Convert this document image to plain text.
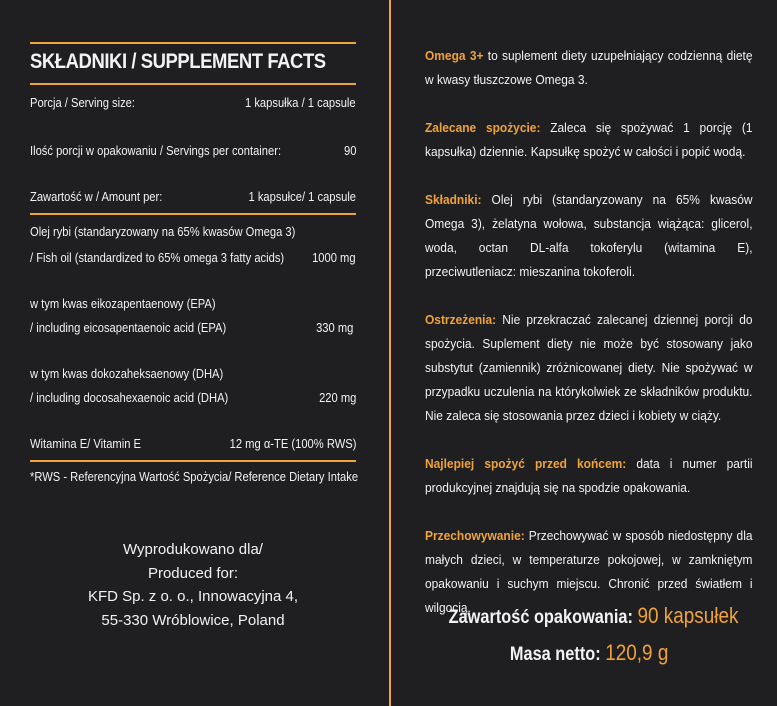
SKŁADNIKI / SUPPLEMENT FACTS
Porcja / Serving size:	1 kapsułka / 1 capsule
Ilość porcji w opakowaniu / Servings per container:	90
Zawartość w / Amount per:	1 kapsułce/ 1 capsule
Olej rybi (standaryzowany na 65% kwasów Omega 3)
/ Fish oil (standardized to 65% omega 3 fatty acids) 1000 mg
w tym kwas eikozapentaenowy (EPA)
/ including eicosapentaenoic acid (EPA)	330 mg
w tym kwas dokozaheksaenowy (DHA)
/ including docosahexaenoic acid (DHA)	220 mg
Witamina E/ Vitamin E	12 mg α-TE (100% RWS)
*RWS - Referencyjna Wartość Spożycia/ Reference Dietary Intake
Wyprodukowano dla/
Produced for:
KFD Sp. z o. o., Innowacyjna 4,
55-330 Wróblowice, Poland
Omega 3+ to suplement diety uzupełniający codzienną dietę w kwasy tłuszczowe Omega 3.
Zalecane spożycie: Zaleca się spożywać 1 porcję (1 kapsułka) dziennie. Kapsułkę spożyć w całości i popić wodą.
Składniki: Olej rybi (standaryzowany na 65% kwasów Omega 3), żelatyna wołowa, substancja wiążąca: glicerol, woda, octan DL-alfa tokoferylu (witamina E), przeciwutleniacz: mieszanina tokoferoli.
Ostrzeżenia: Nie przekraczać zalecanej dziennej porcji do spożycia. Suplement diety nie może być stosowany jako substytut (zamiennik) zróżnicowanej diety. Nie spożywać w przypadku uczulenia na którykolwiek ze składników produktu. Nie zaleca się stosowania przez dzieci i kobiety w ciąży.
Najlepiej spożyć przed końcem: data i numer partii produkcyjnej znajdują się na spodzie opakowania.
Przechowywanie: Przechowywać w sposób niedostępny dla małych dzieci, w temperaturze pokojowej, w zamkniętym opakowaniu i suchym miejscu. Chronić przed światłem i wilgocią.
Zawartość opakowania: 90 kapsułek
Masa netto: 120,9 g
